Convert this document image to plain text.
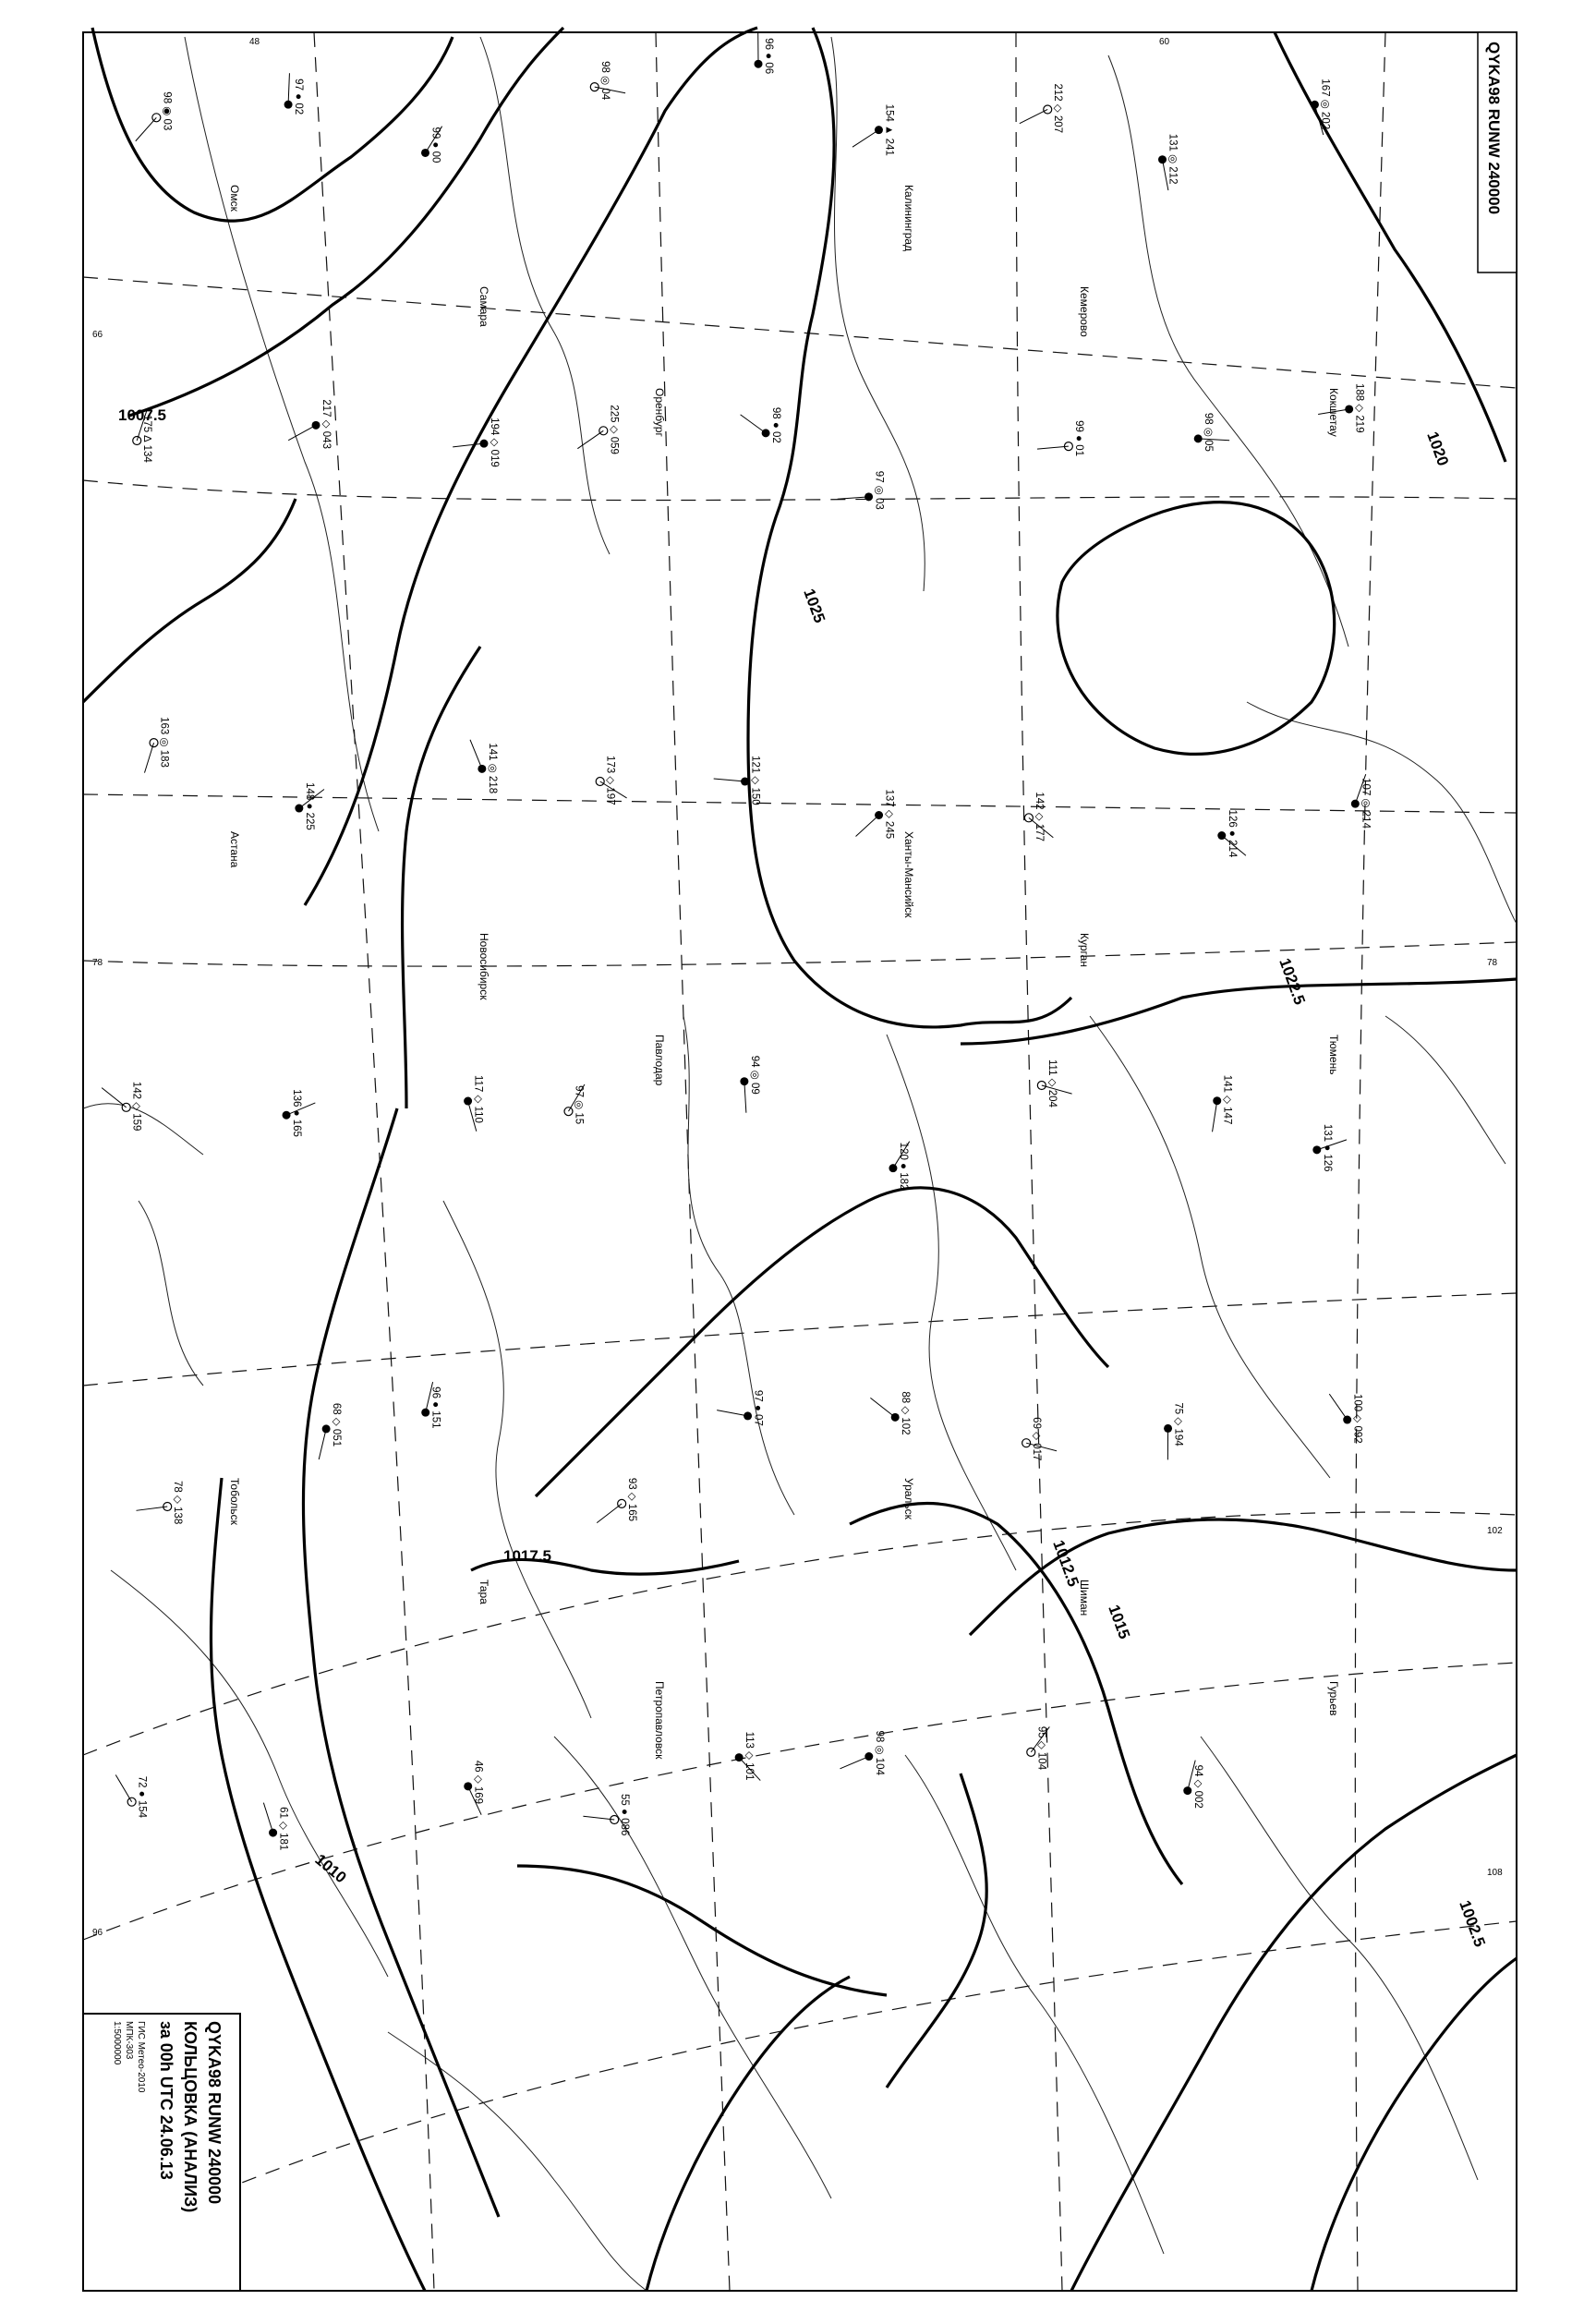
1007.5
1010
1012.5
1015
1017.5
1020
1022.5
1025
1002.5
98 ◉ 03	97 ● 02
99 ● 00
98 ◎ 04
96 ● 06
154 ▲ 241	212 ◇ 207
131 ◎ 212
167 ◎ 202
175 ∆ 134	217 ◇ 043	194 ◇ 019	225 ◇ 059	98 ● 02
97 ◎ 03
99 ● 01	98 ◎ 05	188 ◇ 219
163 ◎ 183
148 ● 225
141 ◎ 218	173 ◇ 197	121 ◇ 150
137 ◇ 245	142 ◇ 177	126 ● 214
107 ◎ 214
142 ◇ 159	136 ● 165	117 ◇ 110	97 ◎ 15
94 ◎ 09
120 ● 182
111 ◇ 204	141 ◇ 147
131 ● 126
78 ◇ 138
68 ◇ 051	96 ● 151
93 ◇ 165
97 ● 07	88 ◇ 102
69 ◇ 017	75 ◇ 194	100 ◇ 092
72 ● 154
61 ◇ 181
46 ◇ 169
55 ● 086
113 ◇ 101	98 ◎ 104	95 ◇ 104
94 ◇ 002
Омск
Самара
Оренбург
Калининград
Кемерово
Кокшетау
Астана
Новосибирск
Павлодар
Ханты-Мансийск
Курган
Тюмень
Тобольск
Тара
Петропавловск
Уральск
Шиман
Гурьев
66
78	78
96
108
102
48	60	QYKA98 RUNW 240000
QYKA98 RUNW 240000
КОЛЬЦОВКА (АНАЛИЗ)
за 00h UTC 24.06.13
ГИС Метео-2010
МПК-303
1:5000000
